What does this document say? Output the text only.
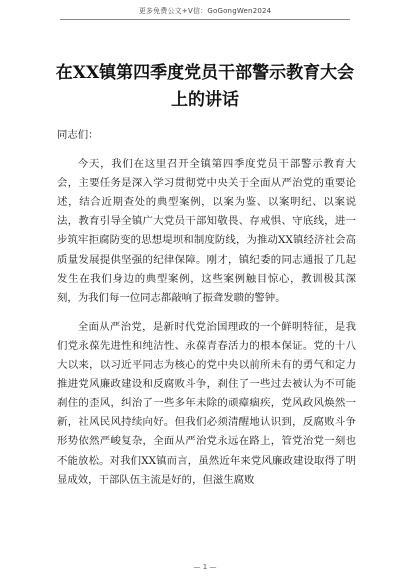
更多免费公文+V信：GoGongWen2024
在XX镇第四季度党员干部警示教育大会
上的讲话

同志们：

今天，我们在这里召开全镇第四季度党员干部警示教育大会，主要任务是深入学习贯彻党中央关于全面从严治党的重要论述，结合近期查处的典型案例，以案为鉴、以案明纪、以案说法，教育引导全镇广大党员干部知敬畏、存戒惧、守底线，进一步筑牢拒腐防变的思想堤坝和制度防线，为推动XX镇经济社会高质量发展提供坚强的纪律保障。刚才，镇纪委的同志通报了几起发生在我们身边的典型案例，这些案例触目惊心，教训极其深刻，为我们每一位同志都敲响了振聋发聩的警钟。

全面从严治党，是新时代党治国理政的一个鲜明特征，是我们党永葆先进性和纯洁性、永葆青春活力的根本保证。党的十八大以来，以习近平同志为核心的党中央以前所未有的勇气和定力推进党风廉政建设和反腐败斗争，刹住了一些过去被认为不可能刹住的歪风，纠治了一些多年未除的顽瘴痼疾，党风政风焕然一新，社风民风持续向好。但我们必须清醒地认识到，反腐败斗争形势依然严峻复杂，全面从严治党永远在路上，管党治党一刻也不能放松。对我们XX镇而言，虽然近年来党风廉政建设取得了明显成效，干部队伍主流是好的，但滋生腐败

— 1 —
